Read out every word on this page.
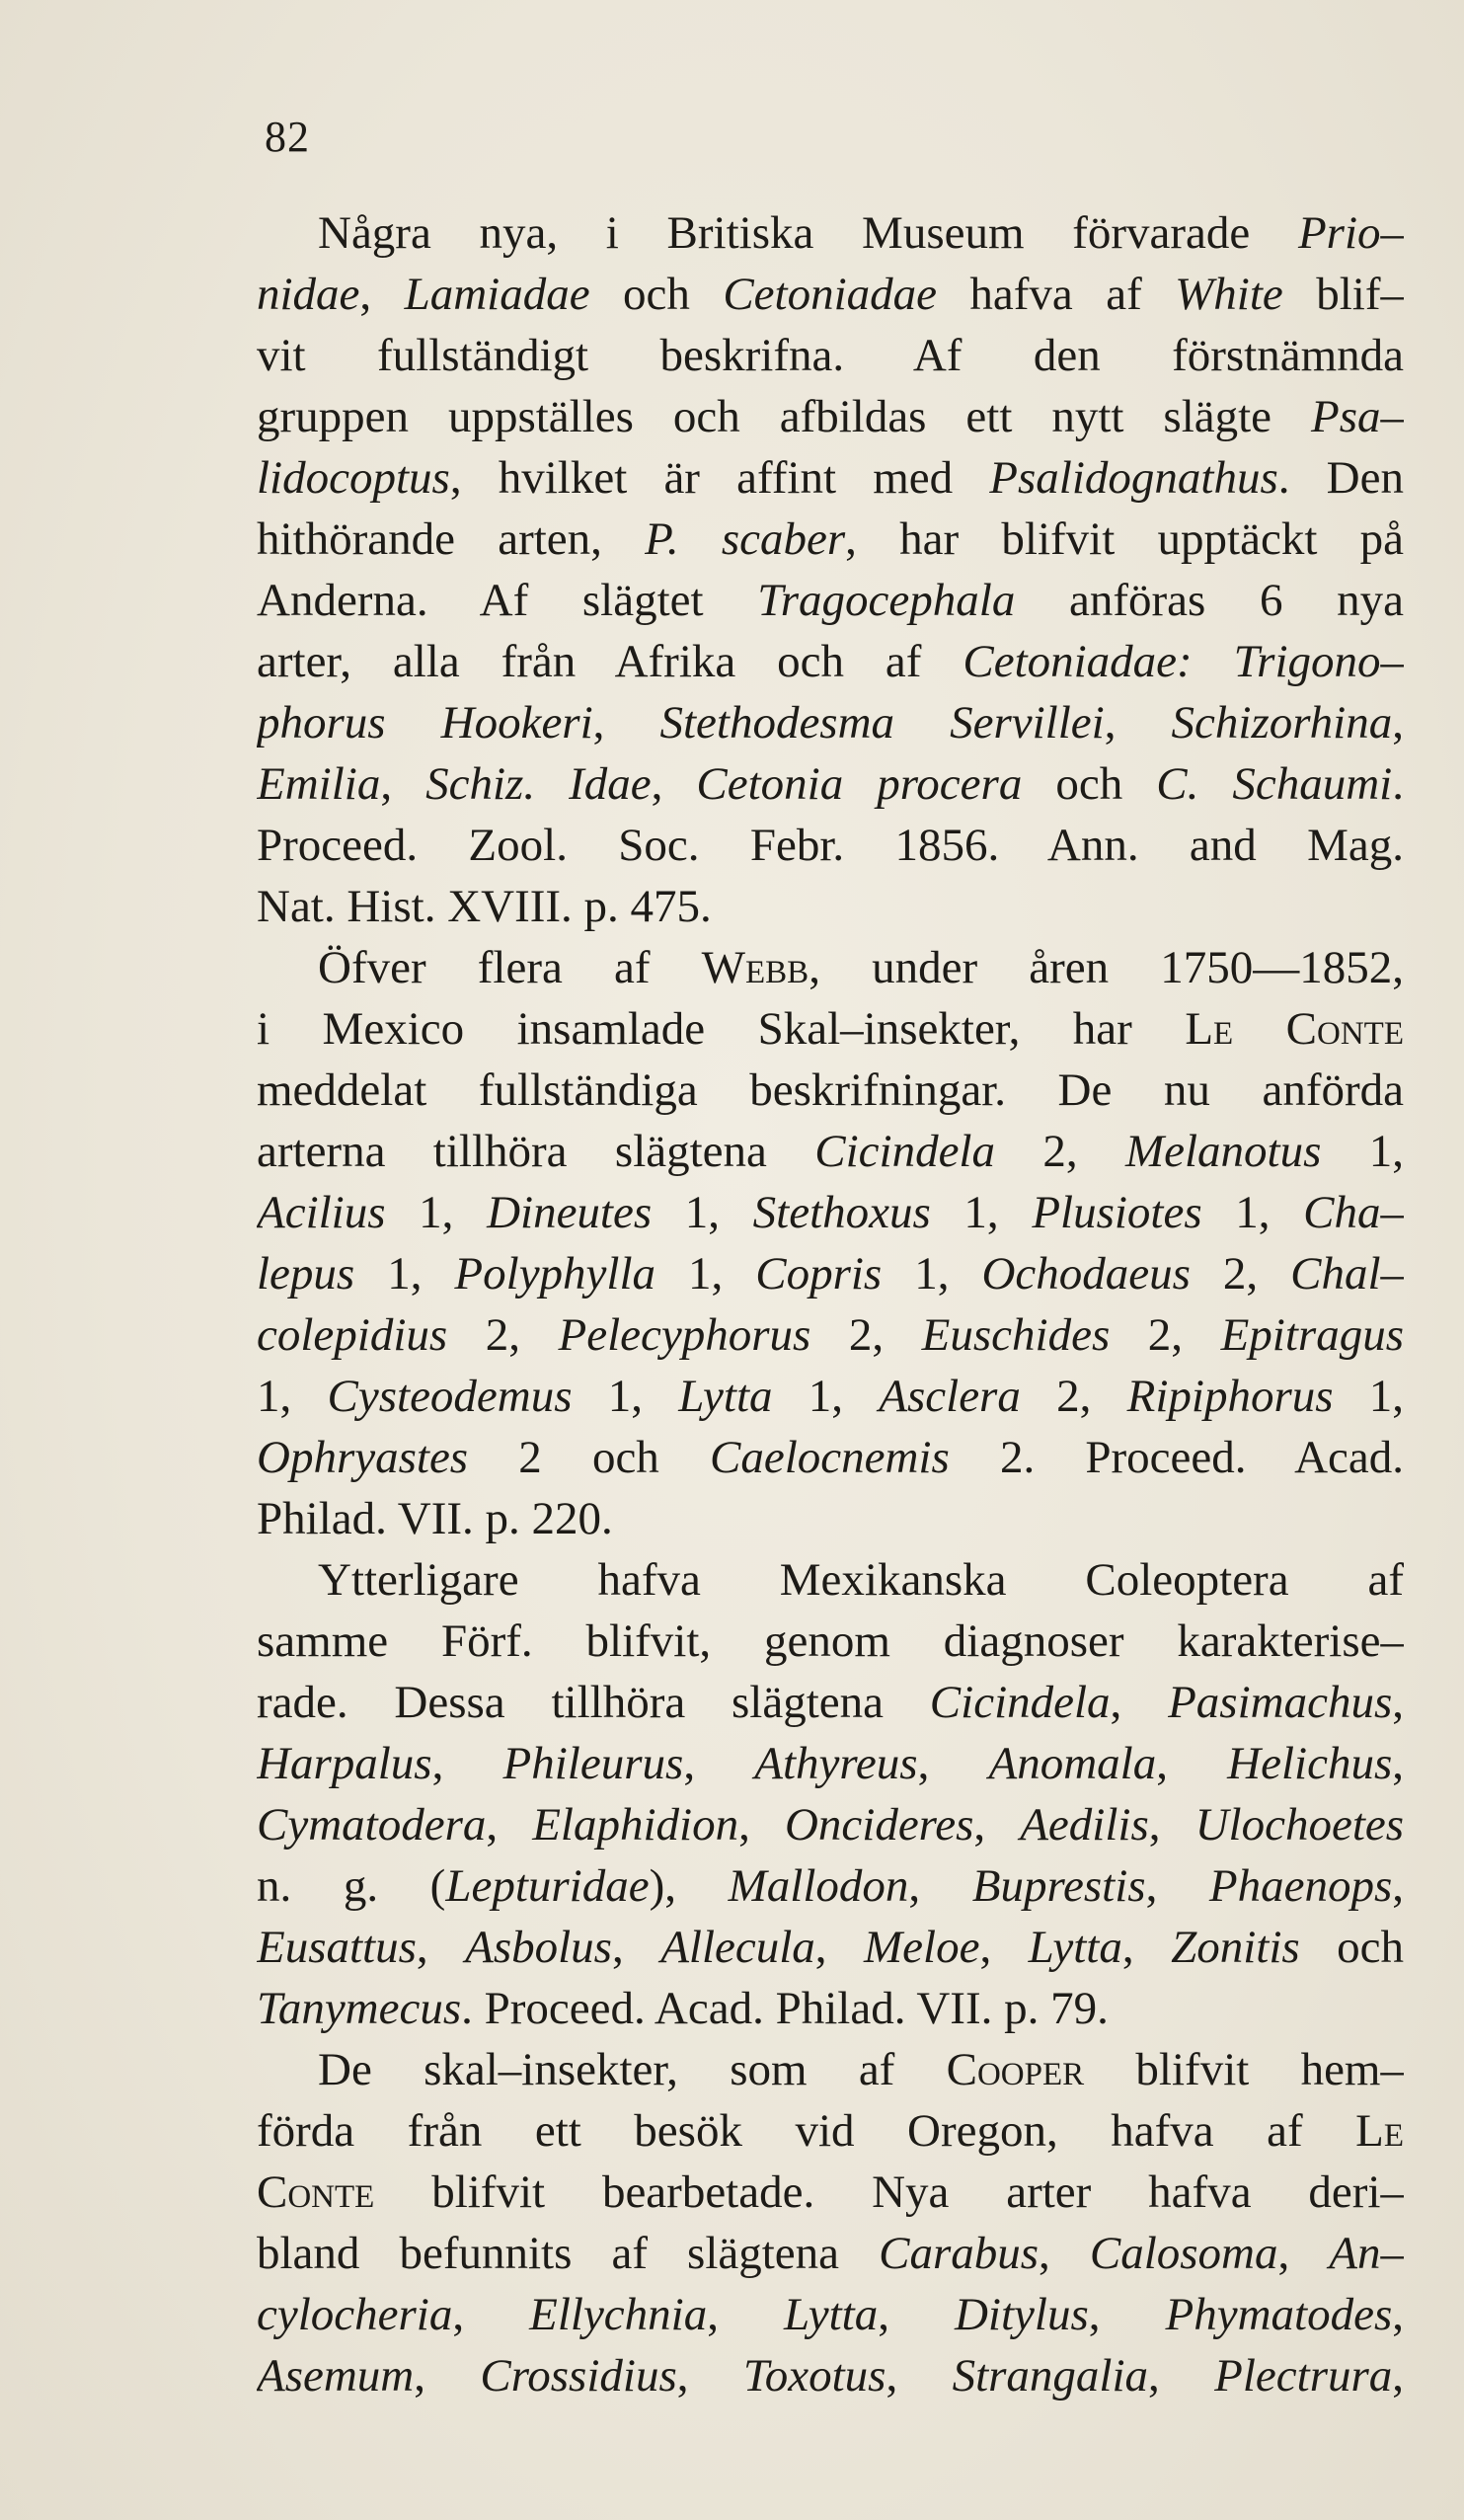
82
Några nya, i Britiska Museum förvarade Prio–
nidae, Lamiadae och Cetoniadae hafva af White blif–
vit fullständigt beskrifna. Af den förstnämnda
gruppen uppställes och afbildas ett nytt slägte Psa–
lidocoptus, hvilket är affint med Psalidognathus. Den
hithörande arten, P. scaber, har blifvit upptäckt på
Anderna. Af slägtet Tragocephala anföras 6 nya
arter, alla från Afrika och af Cetoniadae: Trigono–
phorus Hookeri, Stethodesma Servillei, Schizorhina,
Emilia, Schiz. Idae, Cetonia procera och C. Schaumi.
Proceed. Zool. Soc. Febr. 1856. Ann. and Mag.
Nat. Hist. XVIII. p. 475.
Öfver flera af Webb, under åren 1750—1852,
i Mexico insamlade Skal–insekter, har Le Conte
meddelat fullständiga beskrifningar. De nu anförda
arterna tillhöra slägtena Cicindela 2, Melanotus 1,
Acilius 1, Dineutes 1, Stethoxus 1, Plusiotes 1, Cha–
lepus 1, Polyphylla 1, Copris 1, Ochodaeus 2, Chal–
colepidius 2, Pelecyphorus 2, Euschides 2, Epitragus
1, Cysteodemus 1, Lytta 1, Asclera 2, Ripiphorus 1,
Ophryastes 2 och Caelocnemis 2. Proceed. Acad.
Philad. VII. p. 220.
Ytterligare hafva Mexikanska Coleoptera af
samme Förf. blifvit, genom diagnoser karakterise–
rade. Dessa tillhöra slägtena Cicindela, Pasimachus,
Harpalus, Phileurus, Athyreus, Anomala, Helichus,
Cymatodera, Elaphidion, Oncideres, Aedilis, Ulochoetes
n. g. (Lepturidae), Mallodon, Buprestis, Phaenops,
Eusattus, Asbolus, Allecula, Meloe, Lytta, Zonitis och
Tanymecus. Proceed. Acad. Philad. VII. p. 79.
De skal–insekter, som af Cooper blifvit hem–
förda från ett besök vid Oregon, hafva af Le
Conte blifvit bearbetade. Nya arter hafva deri–
bland befunnits af slägtena Carabus, Calosoma, An–
cylocheria, Ellychnia, Lytta, Ditylus, Phymatodes,
Asemum, Crossidius, Toxotus, Strangalia, Plectrura,
